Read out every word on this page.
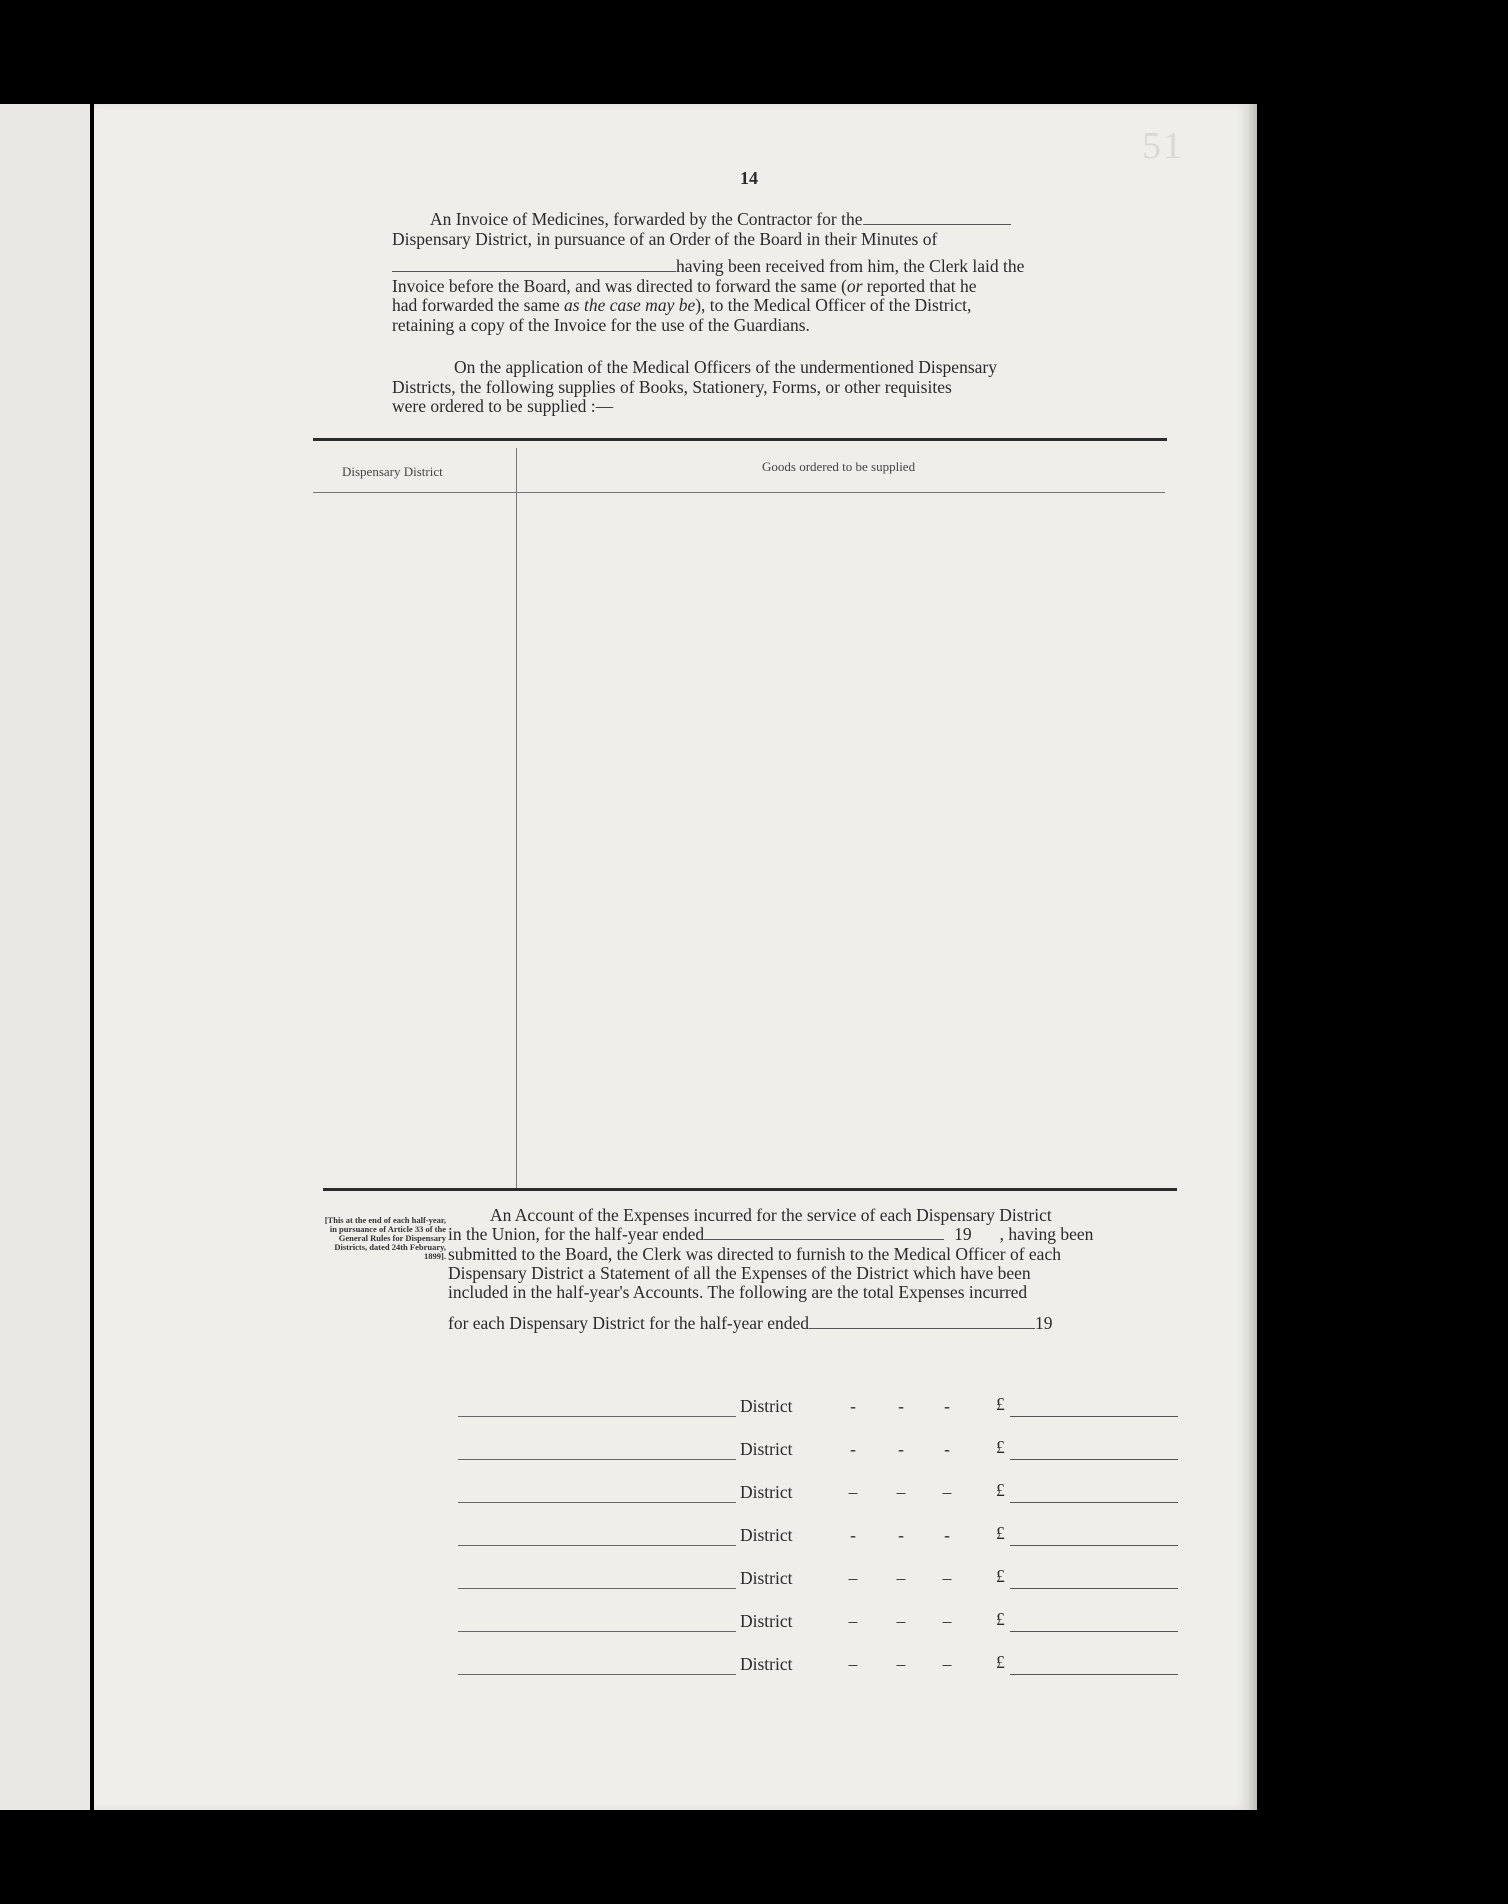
51
14
An Invoice of Medicines, forwarded by the Contractor for the
Dispensary District, in pursuance of an Order of the Board in their Minutes of
having been received from him, the Clerk laid the
Invoice before the Board, and was directed to forward the same (or reported that he
had forwarded the same as the case may be), to the Medical Officer of the District,
retaining a copy of the Invoice for the use of the Guardians.
On the application of the Medical Officers of the undermentioned Dispensary
Districts, the following supplies of Books, Stationery, Forms, or other requisites
were ordered to be supplied :—
Dispensary District	Goods ordered to be supplied
[This at the end of each half-year, in pursuance of Article 33 of the General Rules for Dispensary Districts, dated 24th February, 1899].
An Account of the Expenses incurred for the service of each Dispensary District
in the Union, for the half-year ended	19 , having been
submitted to the Board, the Clerk was directed to furnish to the Medical Officer of each
Dispensary District a Statement of all the Expenses of the District which have been
included in the half-year's Accounts. The following are the total Expenses incurred
for each Dispensary District for the half-year ended	19
District	- - -	£
District	- - -	£
District	– – –	£
District	- - -	£
District	– – –	£
District	– – –	£
District	– – –	£
